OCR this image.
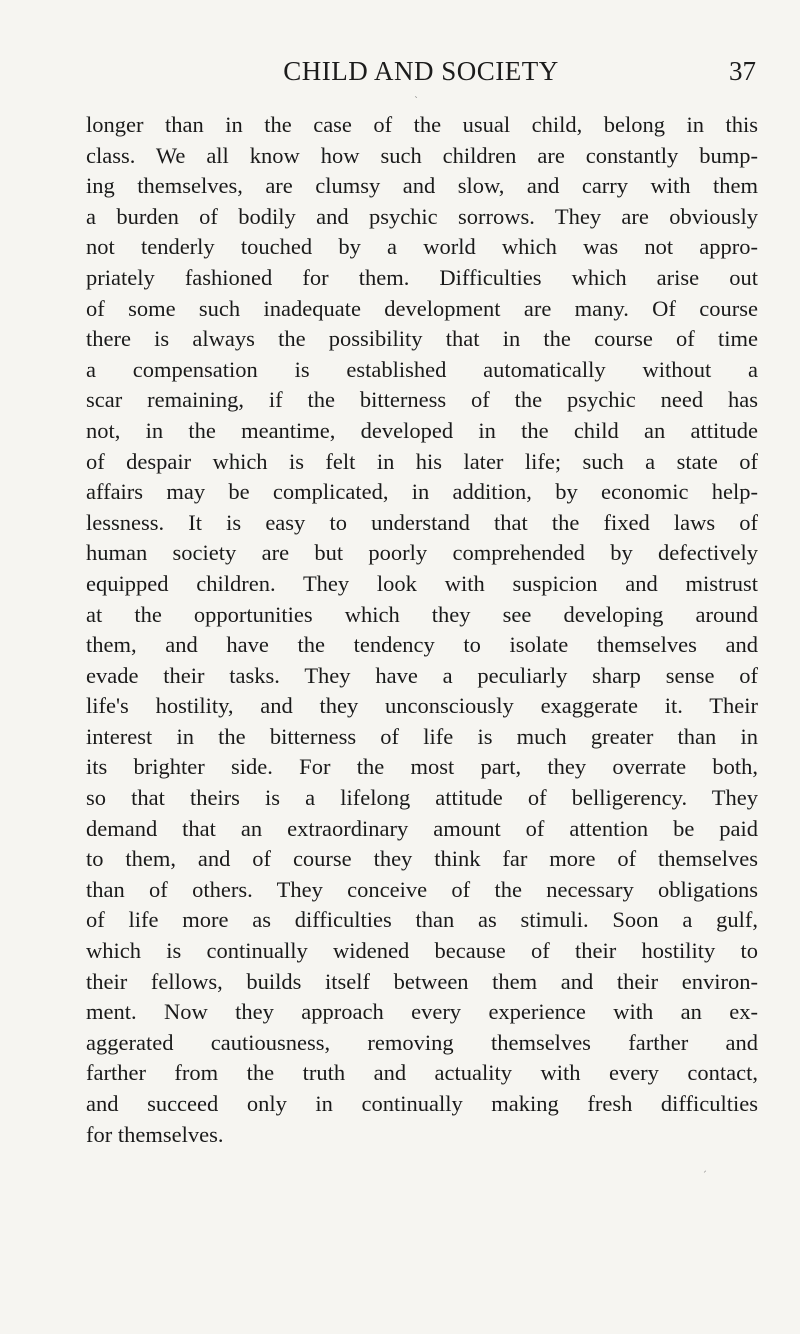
CHILD AND SOCIETY	37
ˋ
longer than in the case of the usual child, belong in this
class. We all know how such children are constantly bump-
ing themselves, are clumsy and slow, and carry with them
a burden of bodily and psychic sorrows. They are obviously
not tenderly touched by a world which was not appro-
priately fashioned for them. Difficulties which arise out
of some such inadequate development are many. Of course
there is always the possibility that in the course of time
a compensation is established automatically without a
scar remaining, if the bitterness of the psychic need has
not, in the meantime, developed in the child an attitude
of despair which is felt in his later life; such a state of
affairs may be complicated, in addition, by economic help-
lessness. It is easy to understand that the fixed laws of
human society are but poorly comprehended by defectively
equipped children. They look with suspicion and mistrust
at the opportunities which they see developing around
them, and have the tendency to isolate themselves and
evade their tasks. They have a peculiarly sharp sense of
life's hostility, and they unconsciously exaggerate it. Their
interest in the bitterness of life is much greater than in
its brighter side. For the most part, they overrate both,
so that theirs is a lifelong attitude of belligerency. They
demand that an extraordinary amount of attention be paid
to them, and of course they think far more of themselves
than of others. They conceive of the necessary obligations
of life more as difficulties than as stimuli. Soon a gulf,
which is continually widened because of their hostility to
their fellows, builds itself between them and their environ-
ment. Now they approach every experience with an ex-
aggerated cautiousness, removing themselves farther and
farther from the truth and actuality with every contact,
and succeed only in continually making fresh difficulties
for themselves.
ˏ
